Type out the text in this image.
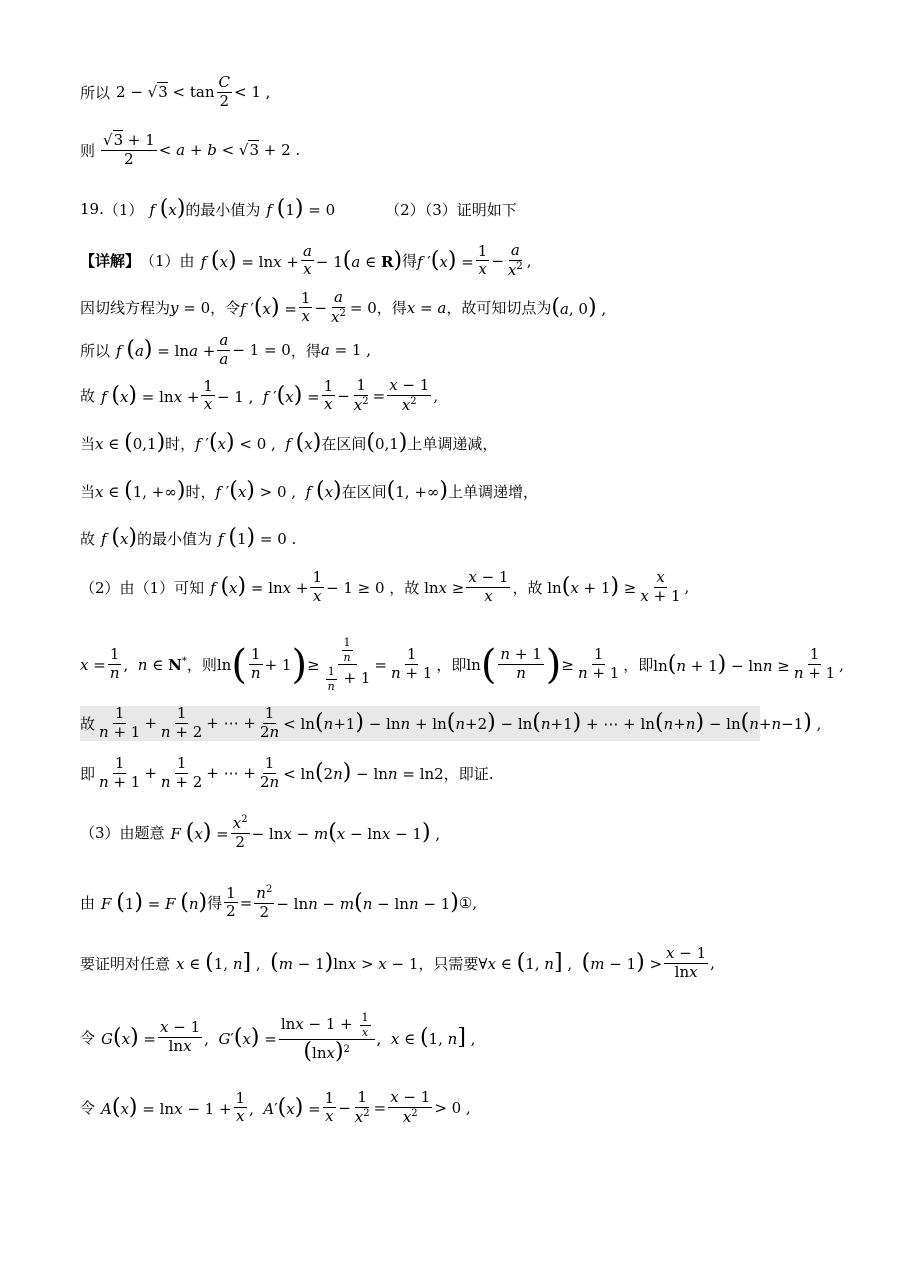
所以 $2 - √3 < \tan \frac{C}{2} < 1$ ,
则 $\frac{√3 + 1}{2} < a + b < √3 + 2$ .
19. （1） f (x) 的最小值为 f (1) = 0	（2）（3）证明如下
【详解】 （1）由 f $(x) = \ln x + \frac{a}{x} - 1(a$ ∈ R) 得 f $'(x) = \frac{1}{x} - \frac{a}{x^2}$ ,
因切线方程为 y = 0 ，令 f $'(x) = \frac{1}{x} - \frac{a}{x^2} = 0$ ，得 x = a ，故可知切点为 (a, 0) ,
所以 f $(a) = \ln a + \frac{a}{a} - 1 = 0$ ，得 a = 1 ,
故 f $(x) = \ln x + \frac{1}{x} - 1$ ,  f $'(x) = \frac{1}{x} - \frac{1}{x^2} = \frac{x - 1}{x^2}$ ,
当 x ∈ (0,1) 时， f ′(x) < 0 ,  f (x) 在区间 (0,1) 上单调递减，
当 x ∈ (1, +∞) 时， f ′(x) > 0 ,  f (x) 在区间 (1, +∞) 上单调递增，
故 f (x) 的最小值为 f (1) = 0 .
（2）由（1）可知 f $(x) = \ln x + \frac{1}{x} - 1 \ge 0$ ，故 $\ln x \ge \frac{x - 1}{x}$ ，故 $\ln(x + 1) \ge \frac{x}{x + 1}$ ,
$x = \frac{1}{n}$ ,  n ∈ N* ，则 ln ( $\frac{1}{n} + 1$ ) ≥ $\frac{\frac{1}{n}}{\frac{1}{n} + 1} = \frac{1}{n + 1}$ ，即 ln ( $\frac{n + 1}{n}$ ) ≥ $\frac{1}{n + 1}$ ，即 $\ln(n + 1) - \ln n \ge \frac{1}{n + 1}$ ,
故 $\frac{1}{n + 1} + \frac{1}{n + 2}$ + ⋯ + $\frac{1}{2n} < \ln(n+1) - \ln n + \ln(n+2) - \ln(n+1)$ + ⋯ + ln(n+n) − ln(n+n−1) ,
即 $\frac{1}{n + 1} + \frac{1}{n + 2}$ + ⋯ + $\frac{1}{2n} < \ln(2n) - \ln n = \ln 2$ ，即证.
（3）由题意 F $(x) = \frac{x^2}{2} - \ln x - m(x - \ln x - 1)$ ,
由 F (1) = F (n) 得 $\frac{1}{2} = \frac{n^2}{2} - \ln n - m(n - \ln n - 1)$ ① ,
要证明对任意 x ∈ (1, n] ,  (m − 1)lnx > x − 1 ，只需要 ∀x ∈ (1, n] ,  $(m - 1) > \frac{x - 1}{\ln x}$ ,
令 $G(x) = \frac{x - 1}{\ln x}$ ,  $G'(x) = \frac{\ln x - 1 + \frac{1}{x}}{(\ln x)^2}$ ,  x ∈ (1, n] ,
令 $A(x) = \ln x - 1 + \frac{1}{x}$ ,  $A'(x) = \frac{1}{x} - \frac{1}{x^2} = \frac{x - 1}{x^2} > 0$ ,
